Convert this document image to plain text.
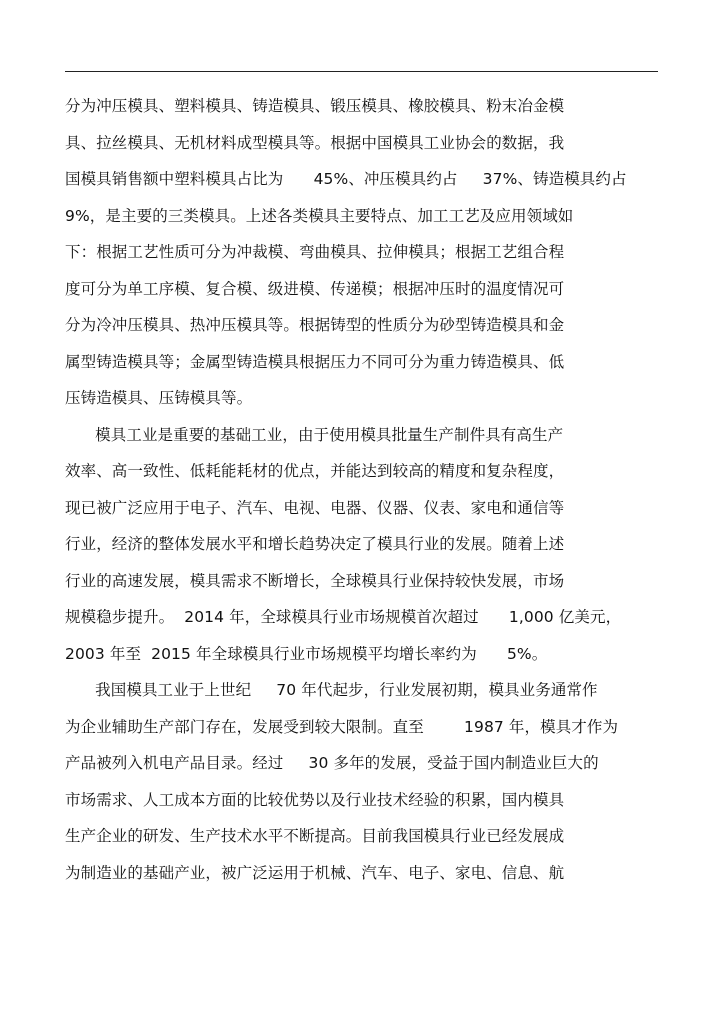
分为冲压模具、塑料模具、铸造模具、锻压模具、橡胶模具、粉末冶金模
具、拉丝模具、无机材料成型模具等。根据中国模具工业协会的数据，我
国模具销售额中塑料模具占比为      45%、冲压模具约占     37%、铸造模具约占
9%，是主要的三类模具。上述各类模具主要特点、加工工艺及应用领域如
下：根据工艺性质可分为冲裁模、弯曲模具、拉伸模具；根据工艺组合程
度可分为单工序模、复合模、级进模、传递模；根据冲压时的温度情况可
分为冷冲压模具、热冲压模具等。根据铸型的性质分为砂型铸造模具和金
属型铸造模具等；金属型铸造模具根据压力不同可分为重力铸造模具、低
压铸造模具、压铸模具等。
模具工业是重要的基础工业，由于使用模具批量生产制件具有高生产
效率、高一致性、低耗能耗材的优点，并能达到较高的精度和复杂程度，
现已被广泛应用于电子、汽车、电视、电器、仪器、仪表、家电和通信等
行业，经济的整体发展水平和增长趋势决定了模具行业的发展。随着上述
行业的高速发展，模具需求不断增长，全球模具行业保持较快发展，市场
规模稳步提升。  2014 年，全球模具行业市场规模首次超过      1,000 亿美元，
2003 年至  2015 年全球模具行业市场规模平均增长率约为      5%。
我国模具工业于上世纪     70 年代起步，行业发展初期，模具业务通常作
为企业辅助生产部门存在，发展受到较大限制。直至        1987 年，模具才作为
产品被列入机电产品目录。经过     30 多年的发展，受益于国内制造业巨大的
市场需求、人工成本方面的比较优势以及行业技术经验的积累，国内模具
生产企业的研发、生产技术水平不断提高。目前我国模具行业已经发展成
为制造业的基础产业，被广泛运用于机械、汽车、电子、家电、信息、航
